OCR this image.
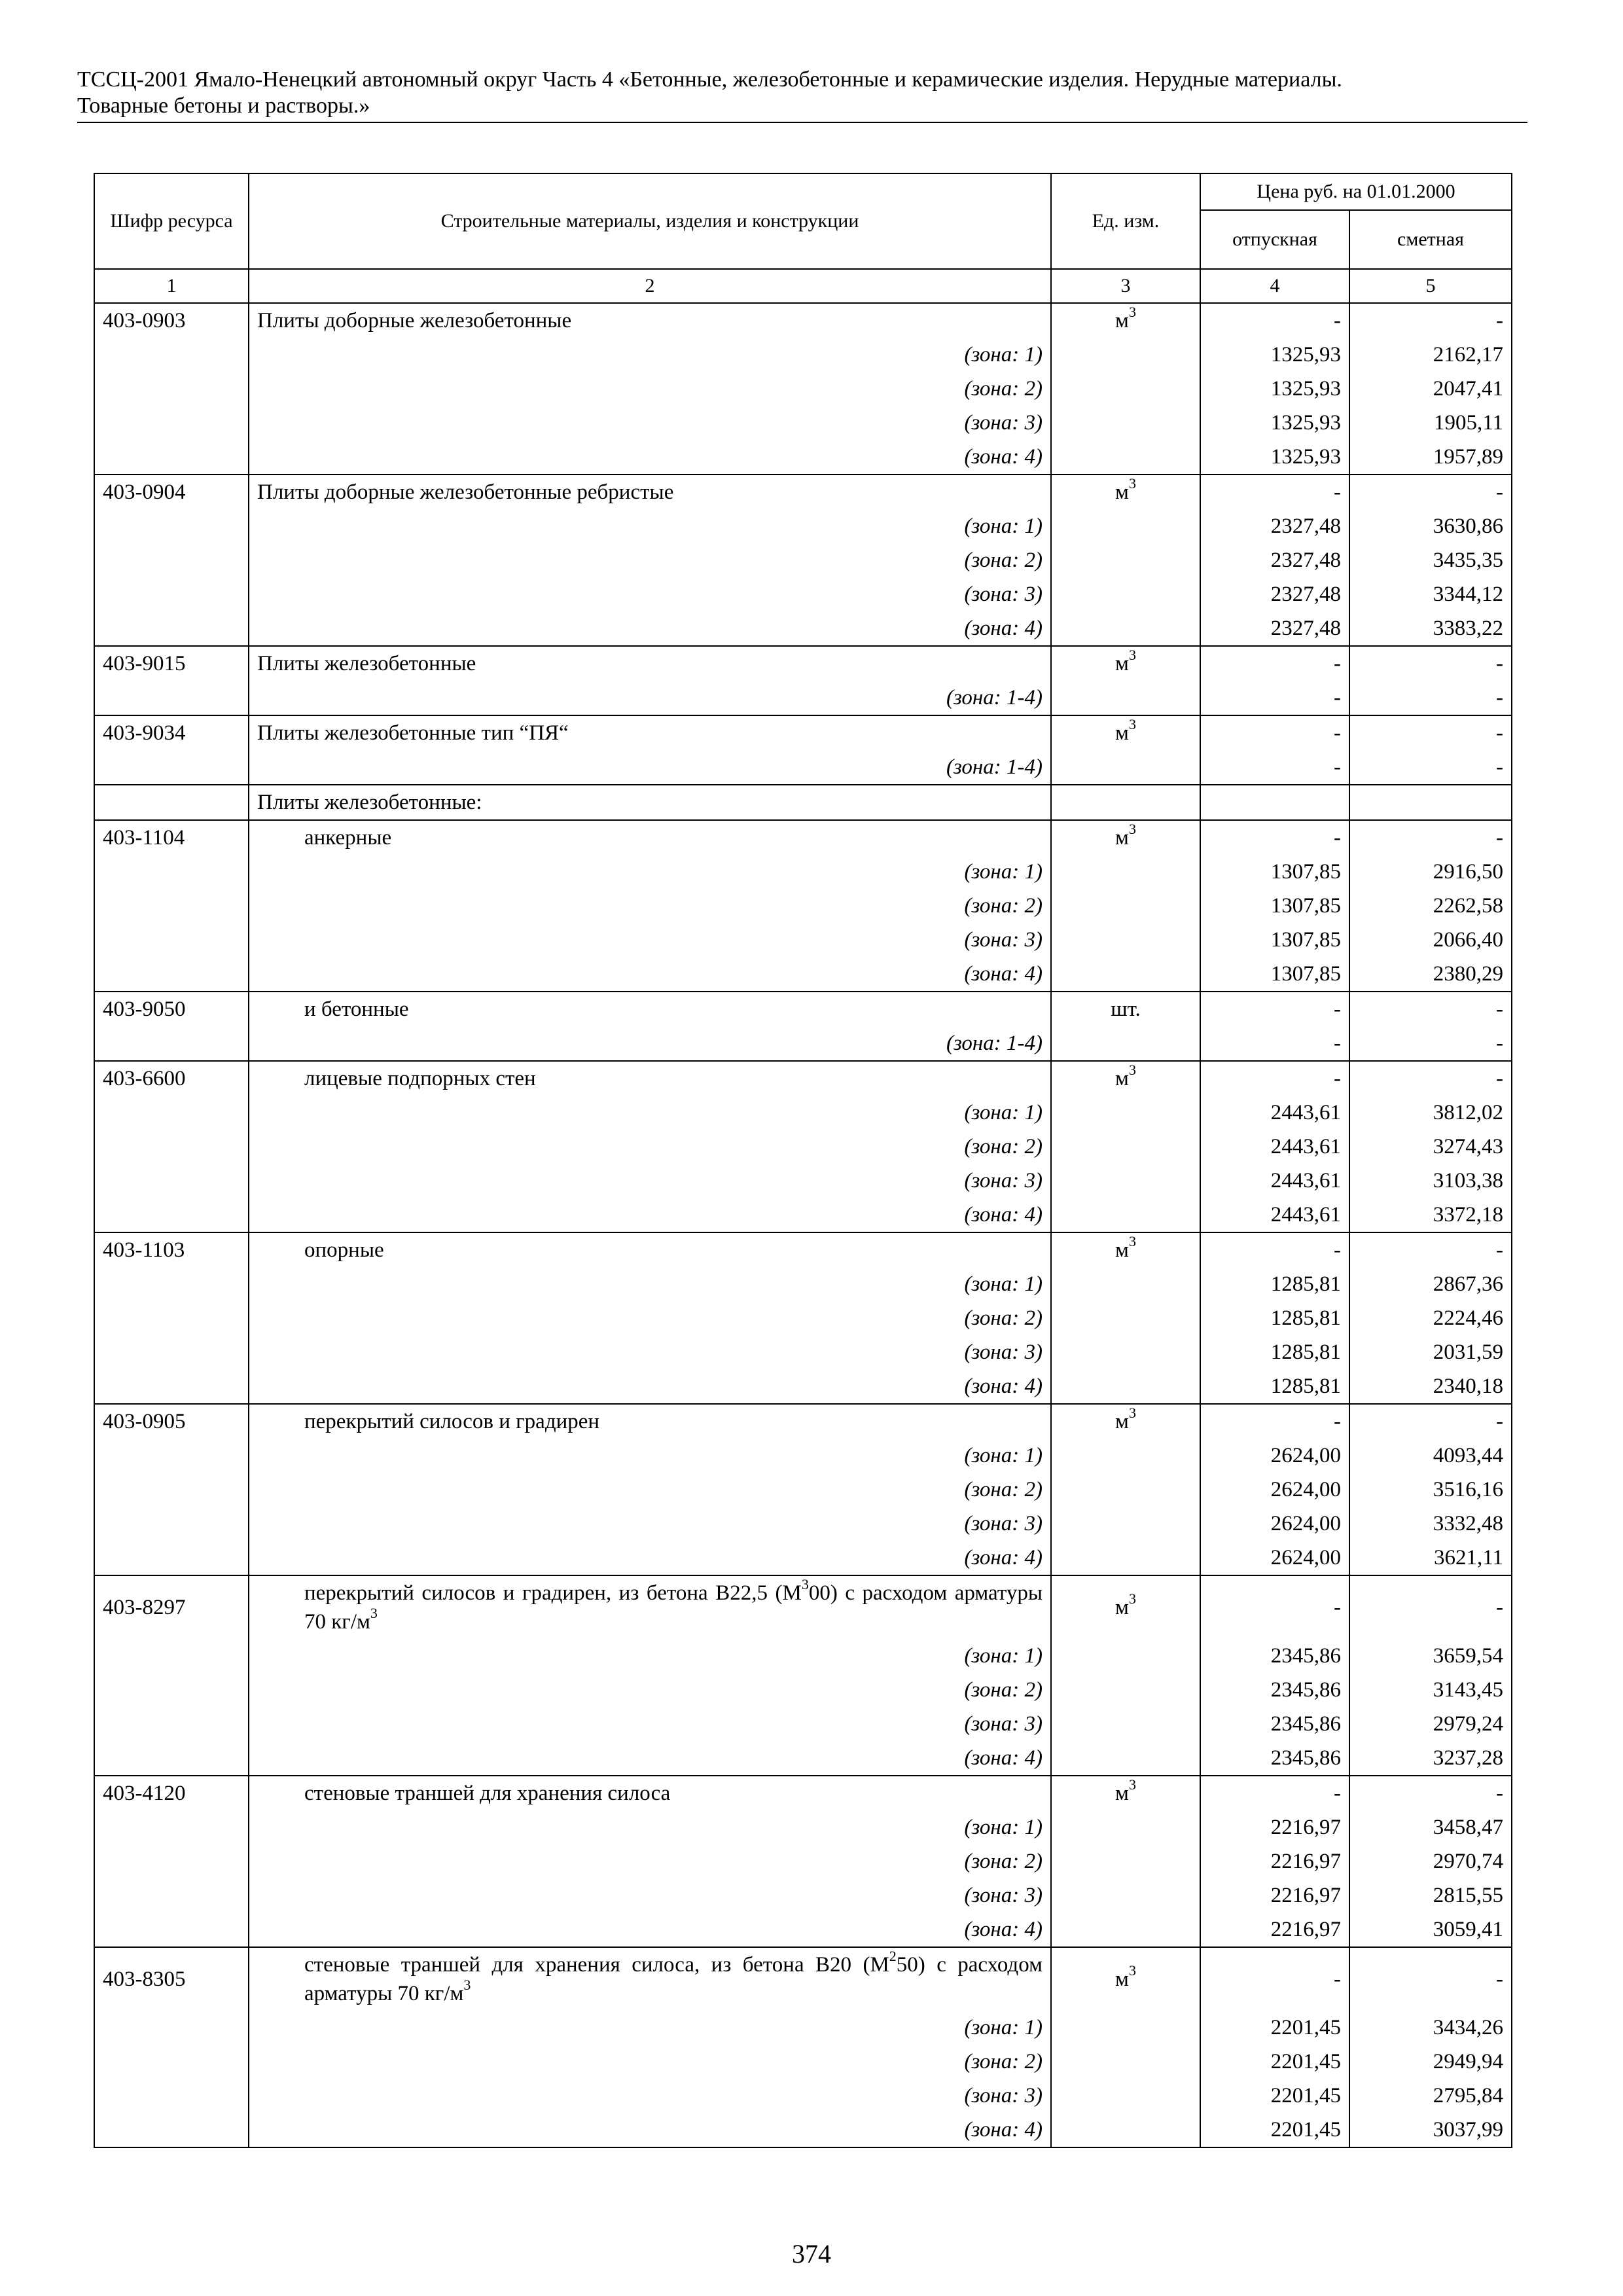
ТССЦ-2001 Ямало-Ненецкий автономный округ Часть 4 «Бетонные, железобетонные и керамические изделия. Нерудные материалы.
Товарные бетоны и растворы.»
Шифр ресурса	Строительные материалы, изделия и конструкции	Ед. изм.	Цена руб. на 01.01.2000	
			отпускная	сметная
1	2	3	4	5
403-0903	Плиты доборные железобетонные	$м^3$	-	-
	(зона: 1)		1325,93	2162,17
	(зона: 2)		1325,93	2047,41
	(зона: 3)		1325,93	1905,11
	(зона: 4)		1325,93	1957,89
403-0904	Плиты доборные железобетонные ребристые	$м^3$	-	-
	(зона: 1)		2327,48	3630,86
	(зона: 2)		2327,48	3435,35
	(зона: 3)		2327,48	3344,12
	(зона: 4)		2327,48	3383,22
403-9015	Плиты железобетонные	$м^3$	-	-
	(зона: 1-4)		-	-
403-9034	Плиты железобетонные тип “ПЯ“	$м^3$	-	-
	(зона: 1-4)		-	-
	Плиты железобетонные:			
403-1104	анкерные	$м^3$	-	-
	(зона: 1)		1307,85	2916,50
	(зона: 2)		1307,85	2262,58
	(зона: 3)		1307,85	2066,40
	(зона: 4)		1307,85	2380,29
403-9050	и бетонные	шт.	-	-
	(зона: 1-4)		-	-
403-6600	лицевые подпорных стен	$м^3$	-	-
	(зона: 1)		2443,61	3812,02
	(зона: 2)		2443,61	3274,43
	(зона: 3)		2443,61	3103,38
	(зона: 4)		2443,61	3372,18
403-1103	опорные	$м^3$	-	-
	(зона: 1)		1285,81	2867,36
	(зона: 2)		1285,81	2224,46
	(зона: 3)		1285,81	2031,59
	(зона: 4)		1285,81	2340,18
403-0905	перекрытий силосов и градирен	$м^3$	-	-
	(зона: 1)		2624,00	4093,44
	(зона: 2)		2624,00	3516,16
	(зона: 3)		2624,00	3332,48
	(зона: 4)		2624,00	3621,11
403-8297	перекрытий силосов и градирен, из бетона В22,5 $(М^300)$ с расходом арматуры 70 $кг/м^3$	$м^3$	-	-
	(зона: 1)		2345,86	3659,54
	(зона: 2)		2345,86	3143,45
	(зона: 3)		2345,86	2979,24
	(зона: 4)		2345,86	3237,28
403-4120	стеновые траншей для хранения силоса	$м^3$	-	-
	(зона: 1)		2216,97	3458,47
	(зона: 2)		2216,97	2970,74
	(зона: 3)		2216,97	2815,55
	(зона: 4)		2216,97	3059,41
403-8305	стеновые траншей для хранения силоса, из бетона В20 $(М^250)$ с расходом арматуры 70 $кг/м^3$	$м^3$	-	-
	(зона: 1)		2201,45	3434,26
	(зона: 2)		2201,45	2949,94
	(зона: 3)		2201,45	2795,84
	(зона: 4)		2201,45	3037,99
374
